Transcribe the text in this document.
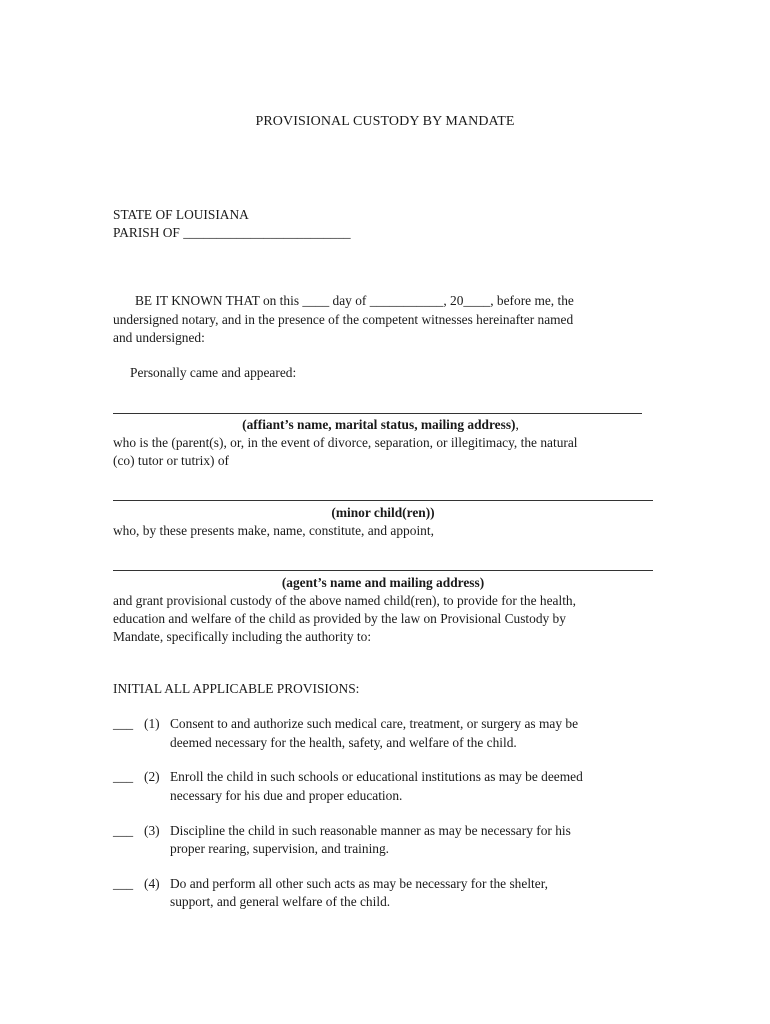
PROVISIONAL CUSTODY BY MANDATE
STATE OF LOUISIANA
PARISH OF _________________________
BE IT KNOWN THAT on this ____ day of ___________, 20____, before me, the
undersigned notary, and in the presence of the competent witnesses hereinafter named
and undersigned:
Personally came and appeared:
(affiant’s name, marital status, mailing address),
who is the (parent(s), or, in the event of divorce, separation, or illegitimacy, the natural
(co) tutor or tutrix) of
(minor child(ren))
who, by these presents make, name, constitute, and appoint,
(agent’s name and mailing address)
and grant provisional custody of the above named child(ren), to provide for the health,
education and welfare of the child as provided by the law on Provisional Custody by
Mandate, specifically including the authority to:
INITIAL ALL APPLICABLE PROVISIONS:
___ (1) Consent to and authorize such medical care, treatment, or surgery as may be
deemed necessary for the health, safety, and welfare of the child.
___ (2) Enroll the child in such schools or educational institutions as may be deemed
necessary for his due and proper education.
___ (3) Discipline the child in such reasonable manner as may be necessary for his
proper rearing, supervision, and training.
___ (4) Do and perform all other such acts as may be necessary for the shelter,
support, and general welfare of the child.
